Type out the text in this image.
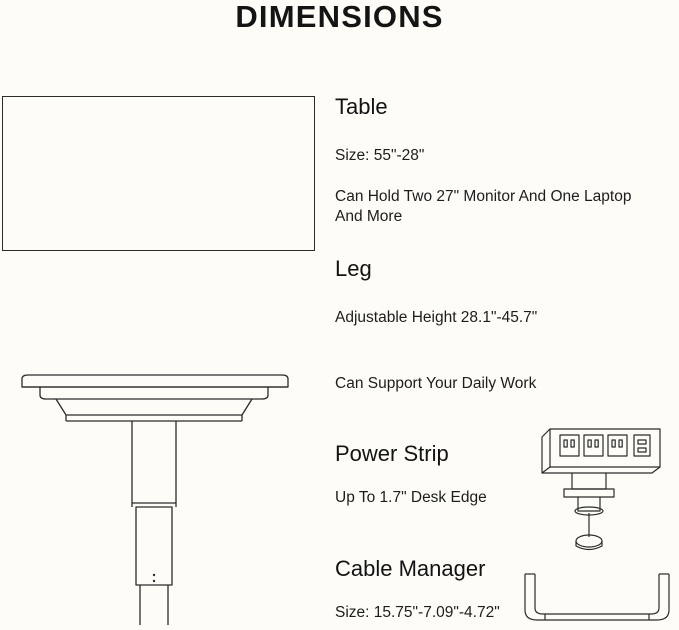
DIMENSIONS
Table

Size: 55"-28"

Can Hold Two 27" Monitor And One Laptop And More

Leg

Adjustable Height 28.1"-45.7"

Can Support Your Daily Work

Power Strip

Up To 1.7" Desk Edge

Cable Manager

Size: 15.75"-7.09"-4.72"
